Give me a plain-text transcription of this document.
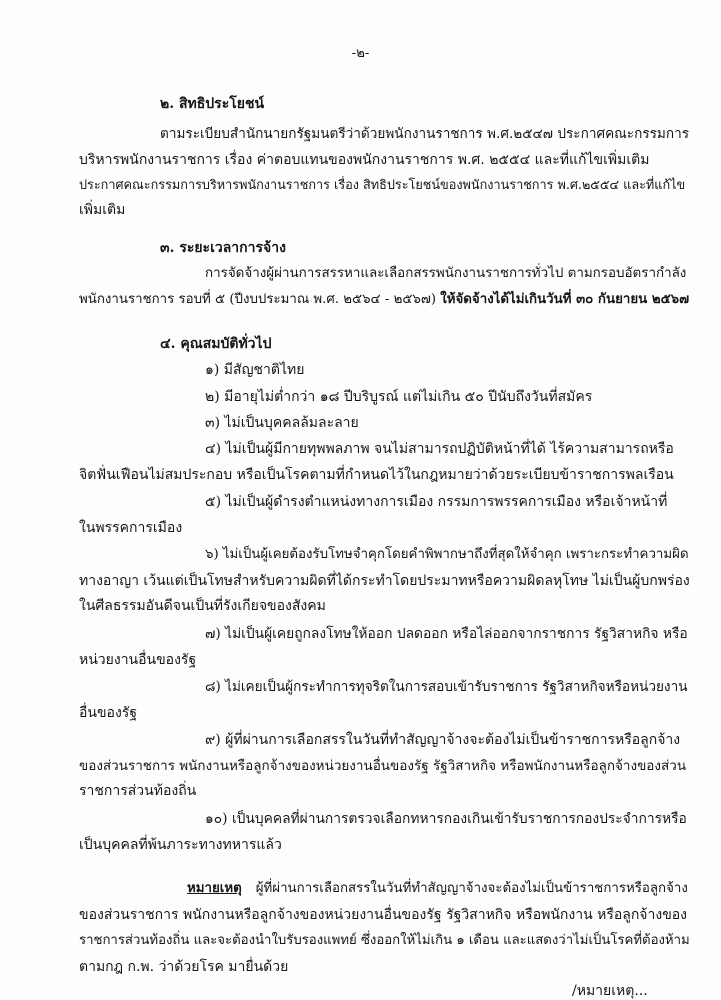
-๒-
๒. สิทธิประโยชน์
ตามระเบียบสำนักนายกรัฐมนตรีว่าด้วยพนักงานราชการ พ.ศ.๒๕๔๗ ประกาศคณะกรรมการ
บริหารพนักงานราชการ เรื่อง ค่าตอบแทนของพนักงานราชการ พ.ศ. ๒๕๕๔ และที่แก้ไขเพิ่มเติม
ประกาศคณะกรรมการบริหารพนักงานราชการ เรื่อง สิทธิประโยชน์ของพนักงานราชการ พ.ศ.๒๕๕๔ และที่แก้ไข
เพิ่มเติม
๓. ระยะเวลาการจ้าง
การจัดจ้างผู้ผ่านการสรรหาและเลือกสรรพนักงานราชการทั่วไป ตามกรอบอัตรากำลัง
พนักงานราชการ รอบที่ ๕ (ปีงบประมาณ พ.ศ. ๒๕๖๔ - ๒๕๖๗) ให้จัดจ้างได้ไม่เกินวันที่ ๓๐ กันยายน ๒๕๖๗
๔. คุณสมบัติทั่วไป
๑) มีสัญชาติไทย
๒) มีอายุไม่ต่ำกว่า ๑๘ ปีบริบูรณ์ แต่ไม่เกิน ๕๐ ปีนับถึงวันที่สมัคร
๓) ไม่เป็นบุคคลล้มละลาย
๔) ไม่เป็นผู้มีกายทุพพลภาพ จนไม่สามารถปฏิบัติหน้าที่ได้ ไร้ความสามารถหรือ
จิตฟั่นเฟือนไม่สมประกอบ หรือเป็นโรคตามที่กำหนดไว้ในกฎหมายว่าด้วยระเบียบข้าราชการพลเรือน
๕) ไม่เป็นผู้ดำรงตำแหน่งทางการเมือง กรรมการพรรคการเมือง หรือเจ้าหน้าที่
ในพรรคการเมือง
๖) ไม่เป็นผู้เคยต้องรับโทษจำคุกโดยคำพิพากษาถึงที่สุดให้จำคุก เพราะกระทำความผิด
ทางอาญา เว้นแต่เป็นโทษสำหรับความผิดที่ได้กระทำโดยประมาทหรือความผิดลหุโทษ ไม่เป็นผู้บกพร่อง
ในศีลธรรมอันดีจนเป็นที่รังเกียจของสังคม
๗) ไม่เป็นผู้เคยถูกลงโทษให้ออก ปลดออก หรือไล่ออกจากราชการ รัฐวิสาหกิจ หรือ
หน่วยงานอื่นของรัฐ
๘) ไม่เคยเป็นผู้กระทำการทุจริตในการสอบเข้ารับราชการ รัฐวิสาหกิจหรือหน่วยงาน
อื่นของรัฐ
๙) ผู้ที่ผ่านการเลือกสรรในวันที่ทำสัญญาจ้างจะต้องไม่เป็นข้าราชการหรือลูกจ้าง
ของส่วนราชการ พนักงานหรือลูกจ้างของหน่วยงานอื่นของรัฐ รัฐวิสาหกิจ หรือพนักงานหรือลูกจ้างของส่วน
ราชการส่วนท้องถิ่น
๑๐) เป็นบุคคลที่ผ่านการตรวจเลือกทหารกองเกินเข้ารับราชการกองประจำการหรือ
เป็นบุคคลที่พ้นภาระทางทหารแล้ว
หมายเหตุ ผู้ที่ผ่านการเลือกสรรในวันที่ทำสัญญาจ้างจะต้องไม่เป็นข้าราชการหรือลูกจ้าง
ของส่วนราชการ พนักงานหรือลูกจ้างของหน่วยงานอื่นของรัฐ รัฐวิสาหกิจ หรือพนักงาน หรือลูกจ้างของ
ราชการส่วนท้องถิ่น และจะต้องนำใบรับรองแพทย์ ซึ่งออกให้ไม่เกิน ๑ เดือน และแสดงว่าไม่เป็นโรคที่ต้องห้าม
ตามกฎ ก.พ. ว่าด้วยโรค มายื่นด้วย
/หมายเหตุ...
